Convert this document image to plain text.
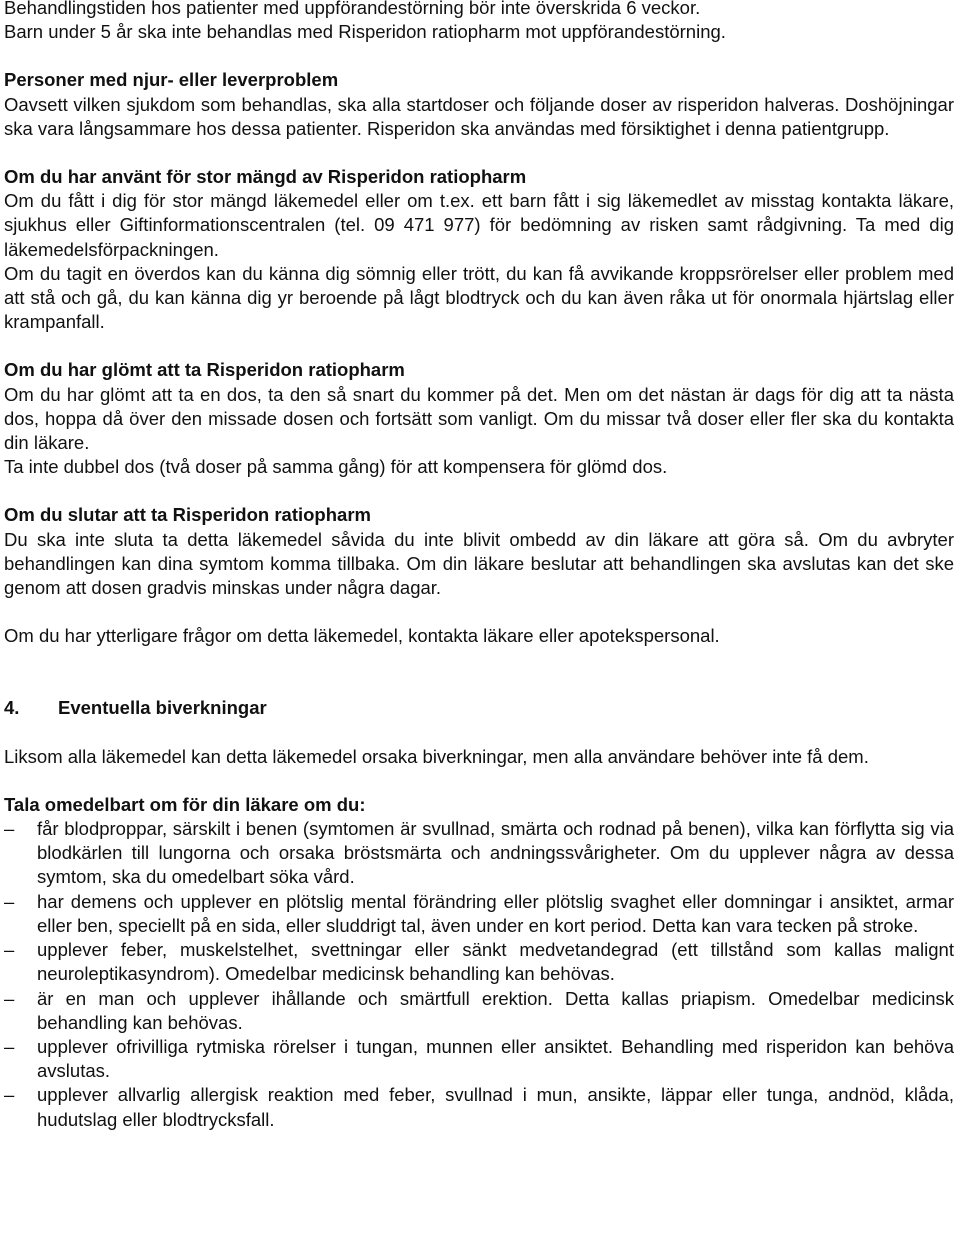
Behandlingstiden hos patienter med uppförandestörning bör inte överskrida 6 veckor.

Barn under 5 år ska inte behandlas med Risperidon ratiopharm mot uppförandestörning.

Personer med njur- eller leverproblem

Oavsett vilken sjukdom som behandlas, ska alla startdoser och följande doser av risperidon halveras. Doshöjningar ska vara långsammare hos dessa patienter. Risperidon ska användas med försiktighet i denna patientgrupp.

Om du har använt för stor mängd av Risperidon ratiopharm

Om du fått i dig för stor mängd läkemedel eller om t.ex. ett barn fått i sig läkemedlet av misstag kontakta läkare, sjukhus eller Giftinformationscentralen (tel. 09 471 977) för bedömning av risken samt rådgivning. Ta med dig läkemedelsförpackningen.

Om du tagit en överdos kan du känna dig sömnig eller trött, du kan få avvikande kroppsrörelser eller problem med att stå och gå, du kan känna dig yr beroende på lågt blodtryck och du kan även råka ut för onormala hjärtslag eller krampanfall.

Om du har glömt att ta Risperidon ratiopharm

Om du har glömt att ta en dos, ta den så snart du kommer på det. Men om det nästan är dags för dig att ta nästa dos, hoppa då över den missade dosen och fortsätt som vanligt. Om du missar två doser eller fler ska du kontakta din läkare.

Ta inte dubbel dos (två doser på samma gång) för att kompensera för glömd dos.

Om du slutar att ta Risperidon ratiopharm

Du ska inte sluta ta detta läkemedel såvida du inte blivit ombedd av din läkare att göra så. Om du avbryter behandlingen kan dina symtom komma tillbaka. Om din läkare beslutar att behandlingen ska avslutas kan det ske genom att dosen gradvis minskas under några dagar.

Om du har ytterligare frågor om detta läkemedel, kontakta läkare eller apotekspersonal.

4.	Eventuella biverkningar

Liksom alla läkemedel kan detta läkemedel orsaka biverkningar, men alla användare behöver inte få dem.

Tala omedelbart om för din läkare om du:

–	får blodproppar, särskilt i benen (symtomen är svullnad, smärta och rodnad på benen), vilka kan förflytta sig via blodkärlen till lungorna och orsaka bröstsmärta och andningssvårigheter. Om du upplever några av dessa symtom, ska du omedelbart söka vård.
–	har demens och upplever en plötslig mental förändring eller plötslig svaghet eller domningar i ansiktet, armar eller ben, speciellt på en sida, eller sluddrigt tal, även under en kort period. Detta kan vara tecken på stroke.
–	upplever feber, muskelstelhet, svettningar eller sänkt medvetandegrad (ett tillstånd som kallas malignt neuroleptikasyndrom). Omedelbar medicinsk behandling kan behövas.
–	är en man och upplever ihållande och smärtfull erektion. Detta kallas priapism. Omedelbar medicinsk behandling kan behövas.
–	upplever ofrivilliga rytmiska rörelser i tungan, munnen eller ansiktet. Behandling med risperidon kan behöva avslutas.
–	upplever allvarlig allergisk reaktion med feber, svullnad i mun, ansikte, läppar eller tunga, andnöd, klåda, hudutslag eller blodtrycksfall.
